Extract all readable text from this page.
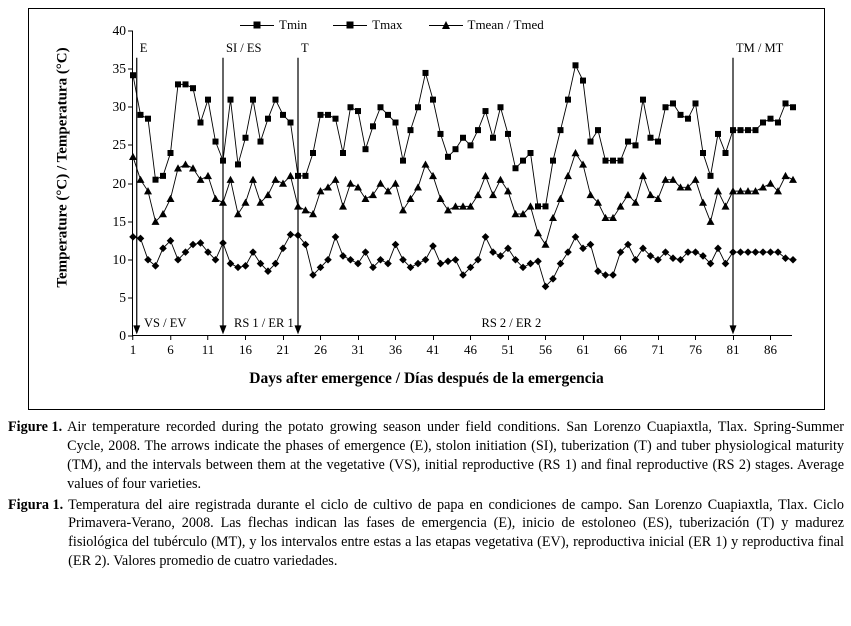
Temperature (°C) / Temperatura (°C)
0
5
10
15
20
25
30
35
40
1 6 11 16 21 26 31 36 41 46 51 56 61 66 71 76 81 86
Tmin	Tmax	Tmean / Tmed
Days after emergence / Días después de la emergencia
E	SI / ES	T	TM / MT
VS / EV	RS 1 / ER 1	RS 2 / ER 2
Figure 1. Air temperature recorded during the potato growing season under field conditions. San Lorenzo Cuapiaxtla, Tlax. Spring-Summer Cycle, 2008. The arrows indicate the phases of emergence (E), stolon initiation (SI), tuberization (T) and tuber physiological maturity (TM), and the intervals between them at the vegetative (VS), initial reproductive (RS 1) and final reproductive (RS 2) stages. Average values of four varieties.
Figura 1. Temperatura del aire registrada durante el ciclo de cultivo de papa en condiciones de campo. San Lorenzo Cuapiaxtla, Tlax. Ciclo Primavera-Verano, 2008. Las flechas indican las fases de emergencia (E), inicio de estoloneo (ES), tuberización (T) y madurez fisiológica del tubérculo (MT), y los intervalos entre estas a las etapas vegetativa (EV), reproductiva inicial (ER 1) y reproductiva final (ER 2). Valores promedio de cuatro variedades.
